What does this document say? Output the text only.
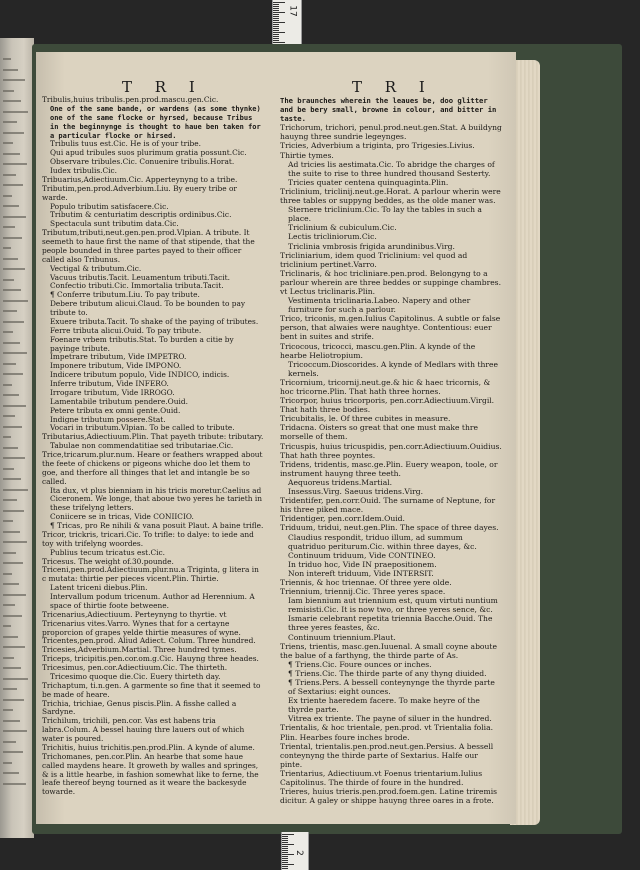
17
T R I	T R I

Tribulis,huius tribulis.pen.prod.mascu.gen.Cic.

One of the same bande, or wardens (as some thynke) one of the same flocke or hyrsed, because Tribus in the beginnynge is thought to haue ben taken for a particular flocke or hirsed.

Tribulis tuus est.Cic. He is of your tribe.

Qui apud tribules suos plurimum gratia possunt.Cic.

Observare tribules.Cic. Conuenire tribulis.Horat.

Iudex tribulis.Cic.

Tribuarius,Adiectiuum.Cic. Apperteynyng to a tribe.

Tributim,pen.prod.Adverbium.Liu. By euery tribe or warde.

Populo tributim satisfacere.Cic.

Tributim & centuriatim descriptis ordinibus.Cic.

Spectacula sunt tributim data.Cic.

Tributum,tributi,neut.gen.pen.prod.Vlpian. A tribute. It seemeth to haue first the name of that stipende, that the people bounded in three partes payed to their officer called also Tribunus.

Vectigal & tributum.Cic.

Vacuus tributis.Tacit. Leuamentum tributi.Tacit.

Confectio tributi.Cic. Immortalia tributa.Tacit.

¶ Conferre tributum.Liu. To pay tribute.

Debere tributum alicui.Claud. To be bounden to pay tribute to.

Exuere tributa.Tacit. To shake of the paying of tributes.

Ferre tributa alicui.Ouid. To pay tribute.

Foenare vrbem tributis.Stat. To burden a citie by payinge tribute.

Impetrare tributum, Vide IMPETRO.

Imponere tributum, Vide IMPONO.

Indicere tributum populo, Vide INDICO, indicis.

Inferre tributum, Vide INFERO.

Irrogare tributum, Vide IRROGO.

Lamentabile tributum pendere.Ouid.

Petere tributa ex omni gente.Ouid.

Indigne tributum possere.Stat.

Vocari in tributum.Vlpian. To be called to tribute.

Tributarius,Adiectiuum.Plin. That payeth tribute: tributary.

Tabulae non commendatitiae sed tributariae.Cic.

Trice,tricarum.plur.num. Heare or feathers wrapped about the feete of chickens or pigeons whiche doo let them to goe, and therfore all thinges that let and intangle be so called.

Ita dux, vt plus bienniam in his tricis moretur.Caelius ad Ciceronem. We longe, that aboue two yeres he tarieth in these trifelyng letters.

Coniicere se in tricas, Vide CONIICIO.

¶ Tricas, pro Re nihili & vana posuit Plaut. A baine trifle.

Tricor, trickris, tricari.Cic. To trifle: to dalye: to iede and toy with trifelyng woordes.

Publius tecum tricatus est.Cic.

Tricesus. The weight of.30.pounde.

Triceni,pen.prod.Adiectiuum.plur.nu.a Triginta, g litera in c mutata: thirtie per pieces vicent.Plin. Thirtie.

Latent triceni diebus.Plin.

Intervallum podum tricenum. Author ad Herennium. A space of thirtie foote betweene.

Tricenarius,Adiectiuum. Perteynyng to thyrtie. vt Tricenarius vites.Varro. Wynes that for a certayne proporcion of grapes yelde thirtie measures of wyne.

Tricentes,pen.prod. Aliud Adiect. Colum. Three hundred.

Tricesies,Adverbium.Martial. Three hundred tymes.

Triceps, tricipitis.pen.cor.om.g.Cic. Hauyng three heades.

Tricesimus, pen.cor.Adiectiuum.Cic. The thirteth.

Tricesimo quoque die.Cic. Euery thirteth day.

Trichaptum, ti.n.gen. A garmente so fine that it seemed to be made of heare.

Trichia, trichiae, Genus piscis.Plin. A fisshe called a Sardyne.

Trichilum, trichili, pen.cor. Vas est habens tria labra.Colum. A bessel hauing thre lauers out of which water is poured.

Trichitis, huius trichitis.pen.prod.Plin. A kynde of alume.

Trichomanes, pen.cor.Plin. An hearbe that some haue called maydens heare. It groweth by walles and springes, & is a little hearbe, in fashion somewhat like to ferne, the leafe thereof beyng tourned as it weare the backesyde towarde.

The braunches wherein the leaues be, doo glitter and be bery small, browne in colour, and bitter in taste.

Trichorum, trichori, penul.prod.neut.gen.Stat. A buildyng hauyng three sundrie legeynges.

Tricies, Adverbium a triginta, pro Trigesies.Livius. Thirtie tymes.

Ad tricies lis aestimata.Cic. To abridge the charges of the suite to rise to three hundred thousand Sesterty.

Tricies quater centena quinquaginta.Plin.

Triclinium, triclinij.neut.ge.Horat. A parlour wherin were three tables or suppyng beddes, as the olde maner was.

Sternere triclinium.Cic. To lay the tables in such a place.

Triclinium & cubiculum.Cic.

Lectis tricliniorum.Cic.

Triclinia vmbrosis frigida arundinibus.Virg.

Tricliniarium, idem quod Triclinium: vel quod ad triclinium pertinet.Varro.

Triclinaris, & hoc tricliniare.pen.prod. Belongyng to a parlour wherein are three beddes or suppinge chambres. vt Lectus triclinaris.Plin.

Vestimenta triclinaria.Labeo. Napery and other furniture for such a parlour.

Trico, triconis, m.gen.Iulius Capitolinus. A subtle or false person, that alwaies were naughtye. Contentious: euer bent in suites and strife.

Tricocous, tricocci, mascu.gen.Plin. A kynde of the hearbe Heliotropium.

Tricoccum.Dioscorides. A kynde of Medlars with three kernels.

Tricornium, tricornij.neut.ge.& hic & haec tricornis, & hoc tricorne.Plin. That hath three hornes.

Tricorpor, huius tricorporis, pen.corr.Adiectiuum.Virgil. That hath three bodies.

Tricubitalis, le. Of three cubites in measure.

Tridacna. Oisters so great that one must make thre morselle of them.

Tricuspis, huius tricuspidis, pen.corr.Adiectiuum.Ouidius. That hath three poyntes.

Tridens, tridentis, masc.ge.Plin. Euery weapon, toole, or instrument hauyng three teeth.

Aequoreus tridens.Martial.

Insessus.Virg. Saeuus tridens.Virg.

Tridentifer, pen.corr.Ouid. The surname of Neptune, for his three piked mace.

Tridentiger, pen.corr.Idem.Ouid.

Triduum, tridui, neut.gen.Plin. The space of three dayes.

Claudius respondit, triduo illum, ad summum quatriduo periturum.Cic. within three dayes, &c.

Continuum triduum, Vide CONTINEO.

In triduo hoc, Vide IN praepositionem.

Non intereft triduum, Vide INTERSIT.

Triennis, & hoc triennae. Of three yere olde.

Triennium, triennij.Cic. Three yeres space.

Iam biennium aut triennium est, quum virtuti nuntium remisisti.Cic. It is now two, or three yeres sence, &c.

Ismarie celebrant repetita triennia Bacche.Ouid. The three yeres feastes, &c.

Continuum triennium.Plaut.

Triens, trientis, masc.gen.Iuuenal. A small coyne aboute the balue of a farthyng, the thirde parte of As.

¶ Triens.Cic. Foure ounces or inches.

¶ Triens.Cic. The thirde parte of any thyng diuided.

¶ Triens.Pers. A bessell conteynynge the thyrde parte of Sextarius: eight ounces.

Ex triente haeredem facere. To make heyre of the thyrde parte.

Vitrea ex triente. The payne of siluer in the hundred.

Trientalis, & hoc trientale, pen.prod. vt Trientalia folia. Plin. Hearbes foure inches brode.

Triental, trientalis.pen.prod.neut.gen.Persius. A bessell conteynyng the thirde parte of Sextarius. Halfe our pinte.

Trientarius, Adiectiuum.vt Foenus trientarium.Iulius Capitolinus. The thirde of foure in the hundred.

Trieres, huius trieris.pen.prod.foem.gen. Latine triremis dicitur. A galey or shippe hauyng three oares in a frote.

2
